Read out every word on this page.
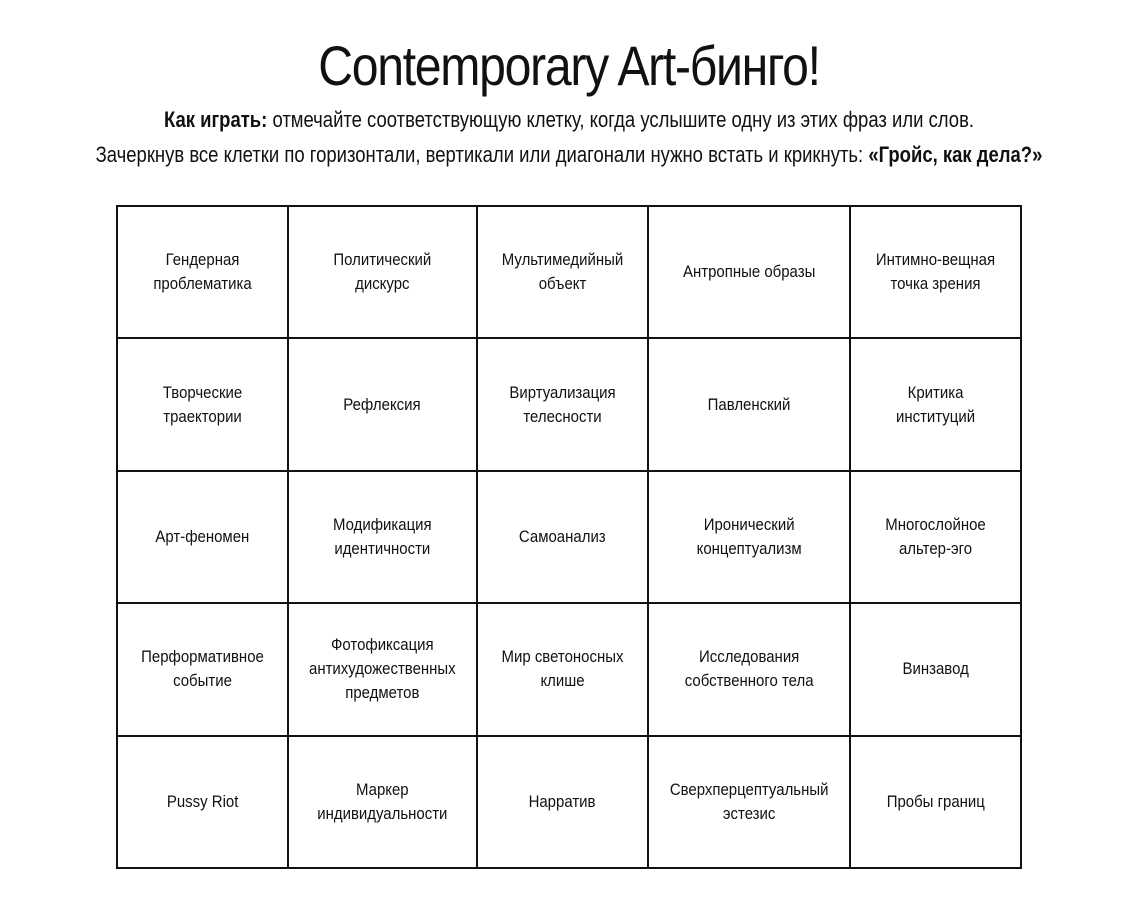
Contemporary Art-бинго!
Как играть: отмечайте соответствующую клетку, когда услышите одну из этих фраз или слов.
Зачеркнув все клетки по горизонтали, вертикали или диагонали нужно встать и крикнуть: «Гройс, как дела?»
Гендерная проблематика
Политический дискурс
Мультимедийный объект
Антропные образы
Интимно-вещная точка зрения
Творческие траектории
Рефлексия
Виртуализация телесности
Павленский
Критика институций
Арт-феномен
Модификация идентичности
Самоанализ
Иронический концептуализм
Многослойное альтер-эго
Перформативное событие
Фотофиксация антихудожественных предметов
Мир светоносных клише
Исследования собственного тела
Винзавод
Pussy Riot
Маркер индивидуальности
Нарратив
Сверхперцептуальный эстезис
Пробы границ
